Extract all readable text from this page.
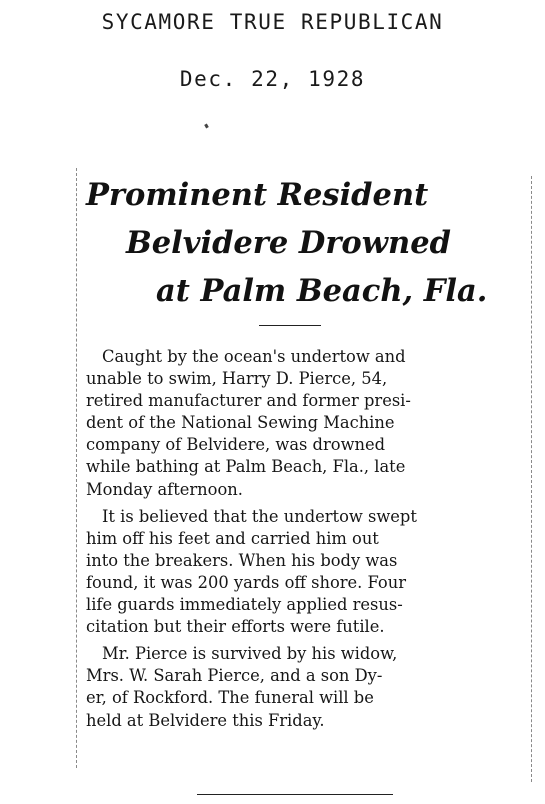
SYCAMORE TRUE REPUBLICAN
Dec. 22, 1928
Prominent Resident
Belvidere Drowned
at Palm Beach, Fla.

Caught by the ocean's undertow and
unable to swim, Harry D. Pierce, 54,
retired manufacturer and former presi-
dent of the National Sewing Machine
company of Belvidere, was drowned
while bathing at Palm Beach, Fla., late
Monday afternoon.

It is believed that the undertow swept
him off his feet and carried him out
into the breakers. When his body was
found, it was 200 yards off shore. Four
life guards immediately applied resus-
citation but their efforts were futile.

Mr. Pierce is survived by his widow,
Mrs. W. Sarah Pierce, and a son Dy-
er, of Rockford. The funeral will be
held at Belvidere this Friday.
